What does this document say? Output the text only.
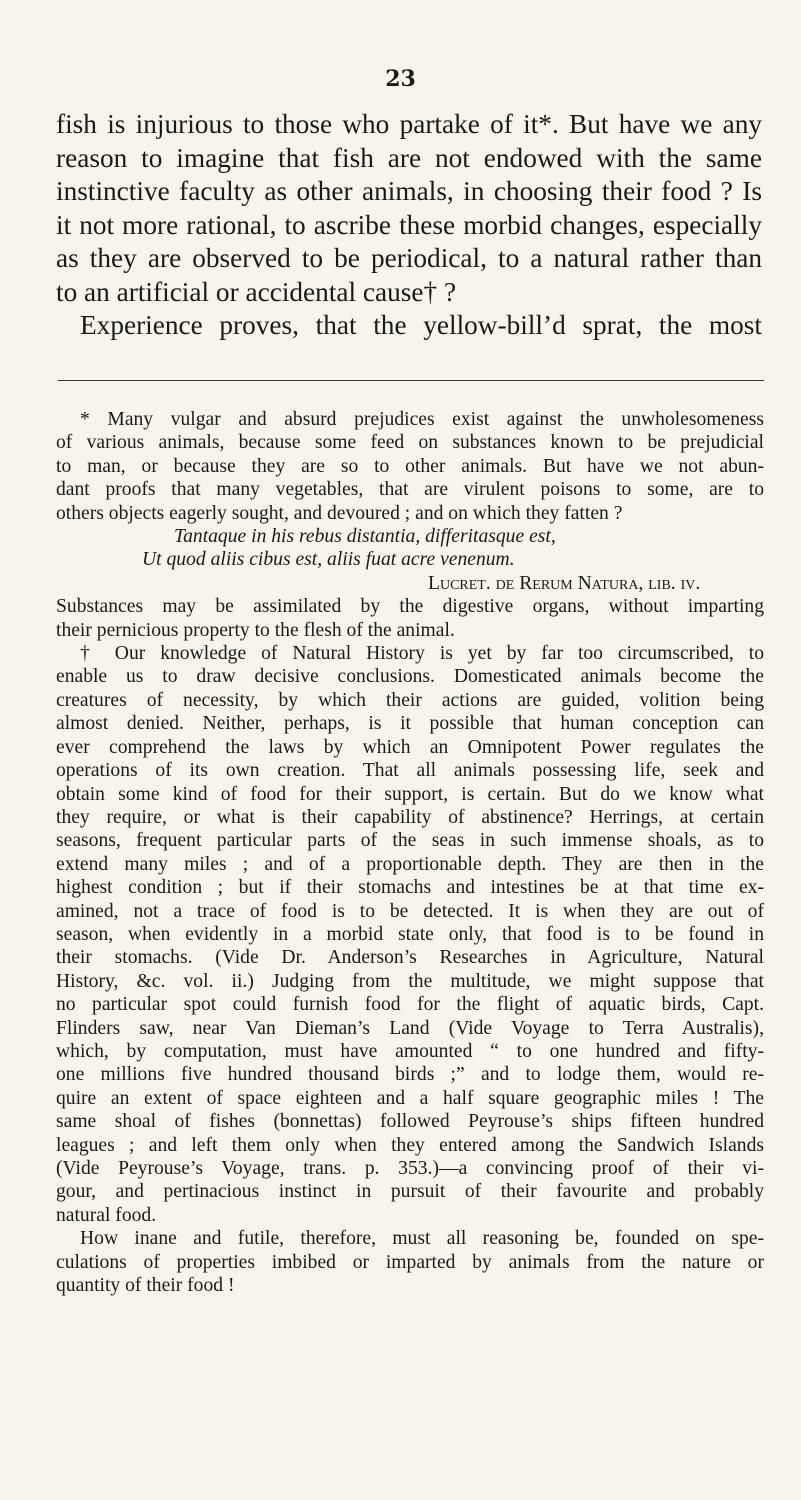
23
fish is injurious to those who partake of it*. But have we any
reason to imagine that fish are not endowed with the same
instinctive faculty as other animals, in choosing their food ? Is
it not more rational, to ascribe these morbid changes, especially
as they are observed to be periodical, to a natural rather than
to an artificial or accidental cause† ?
Experience proves, that the yellow-bill’d sprat, the most
* Many vulgar and absurd prejudices exist against the unwholesomeness
of various animals, because some feed on substances known to be prejudicial
to man, or because they are so to other animals. But have we not abun-
dant proofs that many vegetables, that are virulent poisons to some, are to
others objects eagerly sought, and devoured ; and on which they fatten ?
Tantaque in his rebus distantia, differitasque est,
Ut quod aliis cibus est, aliis fuat acre venenum.
Lucret. de Rerum Natura, lib. iv.
Substances may be assimilated by the digestive organs, without imparting
their pernicious property to the flesh of the animal.
† Our knowledge of Natural History is yet by far too circumscribed, to
enable us to draw decisive conclusions. Domesticated animals become the
creatures of necessity, by which their actions are guided, volition being
almost denied. Neither, perhaps, is it possible that human conception can
ever comprehend the laws by which an Omnipotent Power regulates the
operations of its own creation. That all animals possessing life, seek and
obtain some kind of food for their support, is certain. But do we know what
they require, or what is their capability of abstinence? Herrings, at certain
seasons, frequent particular parts of the seas in such immense shoals, as to
extend many miles ; and of a proportionable depth. They are then in the
highest condition ; but if their stomachs and intestines be at that time ex-
amined, not a trace of food is to be detected. It is when they are out of
season, when evidently in a morbid state only, that food is to be found in
their stomachs. (Vide Dr. Anderson’s Researches in Agriculture, Natural
History, &c. vol. ii.) Judging from the multitude, we might suppose that
no particular spot could furnish food for the flight of aquatic birds, Capt.
Flinders saw, near Van Dieman’s Land (Vide Voyage to Terra Australis),
which, by computation, must have amounted “ to one hundred and fifty-
one millions five hundred thousand birds ;” and to lodge them, would re-
quire an extent of space eighteen and a half square geographic miles ! The
same shoal of fishes (bonnettas) followed Peyrouse’s ships fifteen hundred
leagues ; and left them only when they entered among the Sandwich Islands
(Vide Peyrouse’s Voyage, trans. p. 353.)—a convincing proof of their vi-
gour, and pertinacious instinct in pursuit of their favourite and probably
natural food.
How inane and futile, therefore, must all reasoning be, founded on spe-
culations of properties imbibed or imparted by animals from the nature or
quantity of their food !
